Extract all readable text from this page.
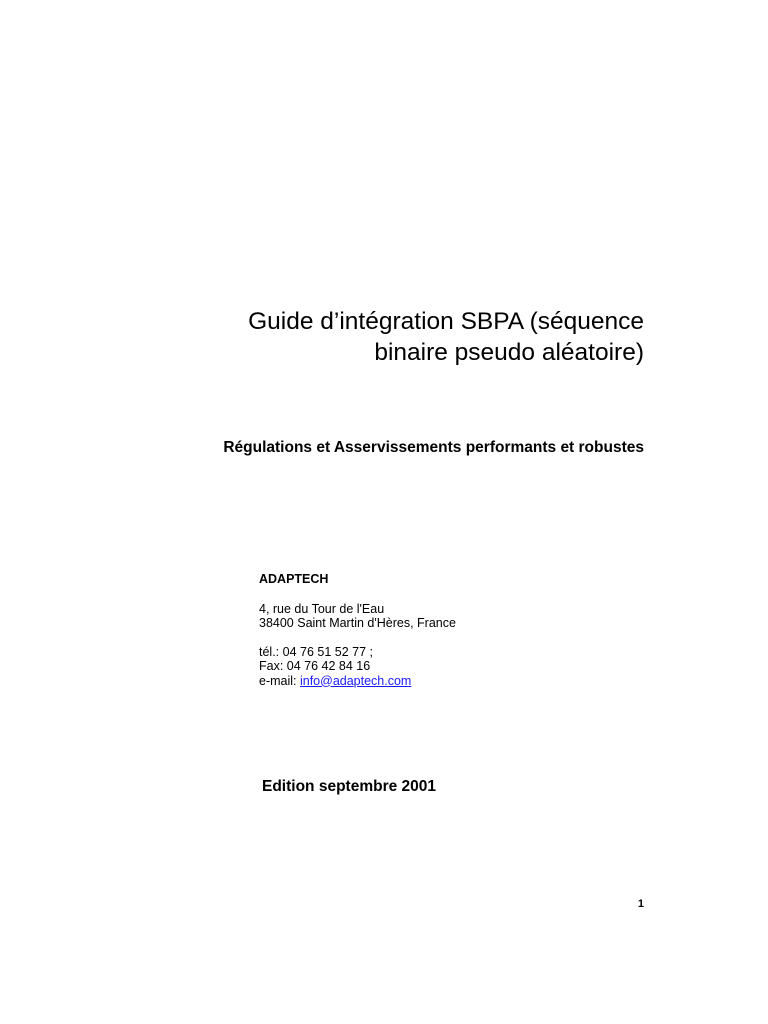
Guide d’intégration SBPA (séquence
binaire pseudo aléatoire)
Régulations et Asservissements performants et robustes
ADAPTECH
4, rue du Tour de l'Eau
38400 Saint Martin d'Hères, France
tél.: 04 76 51 52 77 ;
Fax: 04 76 42 84 16
e-mail: info@adaptech.com
Edition septembre 2001
1
